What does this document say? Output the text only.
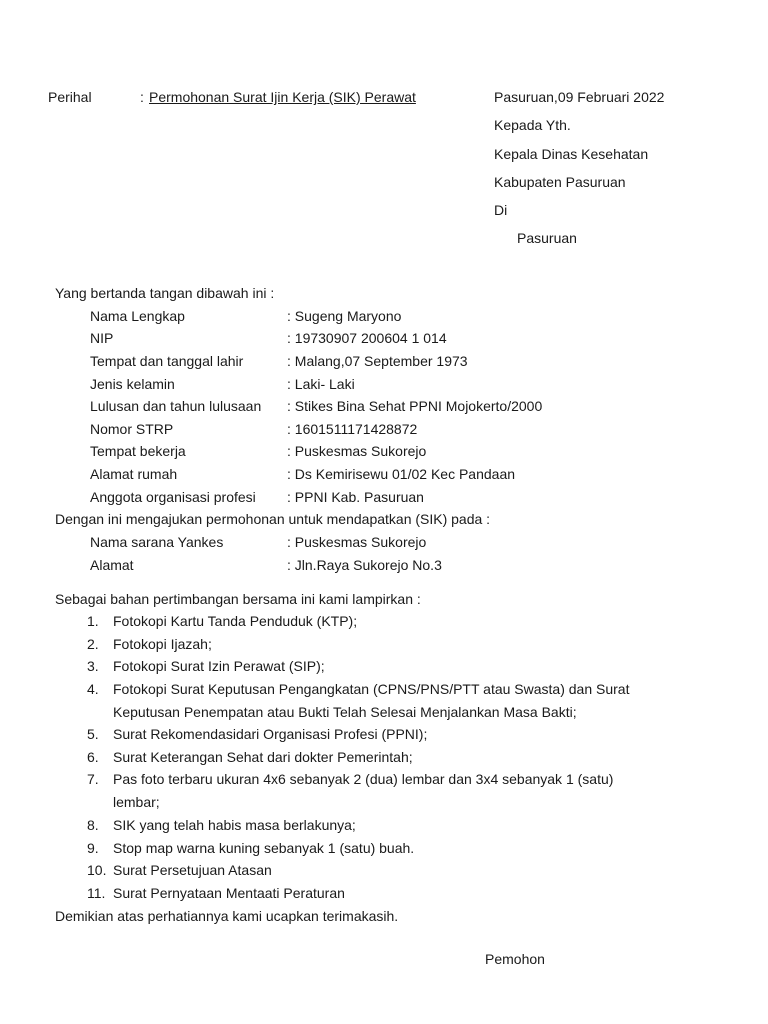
Perihal	: Permohonan Surat Ijin Kerja (SIK) Perawat	Pasuruan,09 Februari 2022
Kepada Yth.
Kepala Dinas Kesehatan
Kabupaten Pasuruan
Di
Pasuruan
Yang bertanda tangan dibawah ini :
Nama Lengkap	: Sugeng Maryono
NIP	: 19730907 200604 1 014
Tempat dan tanggal lahir	: Malang,07 September 1973
Jenis kelamin	: Laki- Laki
Lulusan dan tahun lulusaan : Stikes Bina Sehat PPNI Mojokerto/2000
Nomor STRP	: 1601511171428872
Tempat bekerja	: Puskesmas Sukorejo
Alamat rumah	: Ds Kemirisewu 01/02 Kec Pandaan
Anggota organisasi profesi : PPNI Kab. Pasuruan
Dengan ini mengajukan permohonan untuk mendapatkan (SIK) pada :
Nama sarana Yankes	: Puskesmas Sukorejo
Alamat	: Jln.Raya Sukorejo No.3
Sebagai bahan pertimbangan bersama ini kami lampirkan :
1. Fotokopi Kartu Tanda Penduduk (KTP);
2. Fotokopi Ijazah;
3. Fotokopi Surat Izin Perawat (SIP);
4. Fotokopi Surat Keputusan Pengangkatan (CPNS/PNS/PTT atau Swasta) dan Surat
Keputusan Penempatan atau Bukti Telah Selesai Menjalankan Masa Bakti;
5. Surat Rekomendasidari Organisasi Profesi (PPNI);
6. Surat Keterangan Sehat dari dokter Pemerintah;
7. Pas foto terbaru ukuran 4x6 sebanyak 2 (dua) lembar dan 3x4 sebanyak 1 (satu)
lembar;
8. SIK yang telah habis masa berlakunya;
9. Stop map warna kuning sebanyak 1 (satu) buah.
10. Surat Persetujuan Atasan
11. Surat Pernyataan Mentaati Peraturan
Demikian atas perhatiannya kami ucapkan terimakasih.
Pemohon
